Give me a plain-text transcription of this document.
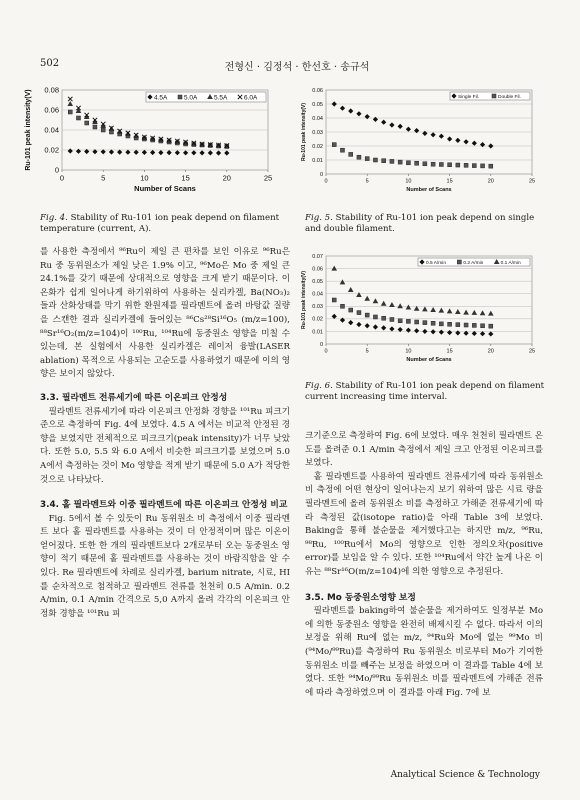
502	전형신 · 김정석 · 한선호 · 송규석
0
0.02
0.04
0.06
0.08
0	5	10	15	20	25
Number of Scans
Ru-101 peak intensity(V)	4.5A	5.0A	5.5A	6.0A
0
0.01
0.02
0.03
0.04
0.05
0.06
0	5	10	15	20	25
Number of Scans
Ru-101 peak intensity(V)
Single Fil.	Double Fil.
0
0.01
0.02
0.03
0.04
0.05
0.06
0.07
0	5	10	15	20	25
Number of Scans
Ru-101 peak intensity(V)
0.5 A/min	0.2 A/min	0.1 A/min
Fig. 4. Stability of Ru-101 ion peak depend on filament temperature (current, A).
Fig. 5. Stability of Ru-101 ion peak depend on single and double filament.
Fig. 6. Stability of Ru-101 ion peak depend on filament current increasing time interval.

를 사용한 측정에서 ⁹⁶Ru이 제일 큰 편차를 보인 이유로 ⁹⁶Ru은 Ru 중 동위원소가 제일 낮은 1.9% 이고, ⁹⁶Mo은 Mo 중 제일 큰 24.1%를 갖기 때문에 상대적으로 영향을 크게 받기 때문이다. 이온화가 쉽게 일어나게 하기위하여 사용하는 실리카겔, Ba(NO₃)₂ 들과 산화상태를 막기 위한 환원제를 필라멘트에 올려 바탕값 질량을 스캔한 결과 실리카겔에 들어있는 ⁸⁶Cs²⁸Si¹⁶O₅ (m/z=100), ⁸⁸Sr¹⁶O₂(m/z=104)이 ¹⁰⁰Ru, ¹⁰⁴Ru에 동중원소 영향을 미칠 수 있는데, 본 실험에서 사용한 실리카겔은 레이저 융발(LASER ablation) 목적으로 사용되는 고순도를 사용하였기 때문에 이의 영향은 보이지 않았다.

3.3. 필라멘트 전류세기에 따른 이온피크 안정성

필라멘트 전류세기에 따라 이온피크 안정화 경향을 ¹⁰¹Ru 피크기준으로 측정하여 Fig. 4에 보였다. 4.5 A 에서는 비교적 안정된 경향을 보였지만 전체적으로 피크크기(peak intensity)가 너무 낮았다. 또한 5.0, 5.5 와 6.0 A에서 비슷한 피크크기를 보였으며 5.0 A에서 측정하는 것이 Mo 영향을 적게 받기 때문에 5.0 A가 적당한 것으로 나타났다.

3.4. 홑 필라멘트와 이중 필라멘트에 따른 이온피크 안정성 비교

Fig. 5에서 볼 수 있듯이 Ru 동위원소 비 측정에서 이중 필라멘트 보다 홑 필라멘트를 사용하는 것이 더 안정적이며 많은 이온이 얻어졌다. 또한 한 개의 필라멘트보다 2개로부터 오는 동중원소 영향이 적기 때문에 홑 필라멘트를 사용하는 것이 바람직함을 알 수 있다. Re 필라멘트에 차례로 실리카겔, barium nitrate, 시료, HI를 순차적으로 첨적하고 필라멘트 전류를 천천히 0.5 A/min. 0.2 A/min, 0.1 A/min 간격으로 5,0 A까지 올려 각각의 이온피크 안정화 경향을 ¹⁰¹Ru 피

크기준으로 측정하여 Fig. 6에 보였다. 매우 천천히 필라멘트 온도를 올려준 0.1 A/min 측정에서 제일 크고 안정된 이온피크를 보였다.

홑 필라멘트를 사용하여 필라멘트 전류세기에 따라 동위원소 비 측정에 어떤 현상이 일어나는지 보기 위하여 많은 시료 량을 필라멘트에 올려 동위원소 비를 측정하고 가해준 전류세기에 따라 측정된 값(isotope ratio)을 아래 Table 3에 보였다. Baking을 통해 불순물을 제거했다고는 하지만 m/z, ⁹⁶Ru, ⁹⁸Ru, ¹⁰⁰Ru에서 Mo의 영향으로 인한 정의오차(positive error)를 보임을 알 수 있다. 또한 ¹⁰⁴Ru에서 약간 높게 나온 이유는 ⁸⁸Sr¹⁶O(m/z=104)에 의한 영향으로 추정된다.

3.5. Mo 동중원소영향 보정

필라멘트를 baking하여 불순물을 제거하여도 일정부분 Mo에 의한 동중원소 영향을 완전히 배제시킬 수 없다. 따라서 이의 보정을 위해 Ru에 없는 m/z, ⁹⁴Ru와 Mo에 없는 ⁹⁹Mo 비(⁹⁴Mo/⁹⁹Ru)를 측정하여 Ru 동위원소 비로부터 Mo가 기여한 동위원소 비를 빼주는 보정을 하였으며 이 결과를 Table 4에 보였다. 또한 ⁹⁴Mo/⁹⁹Ru 동위원소 비를 필라멘트에 가해준 전류에 따라 측정하였으며 이 결과를 아래 Fig. 7에 보

Analytical Science & Technology
